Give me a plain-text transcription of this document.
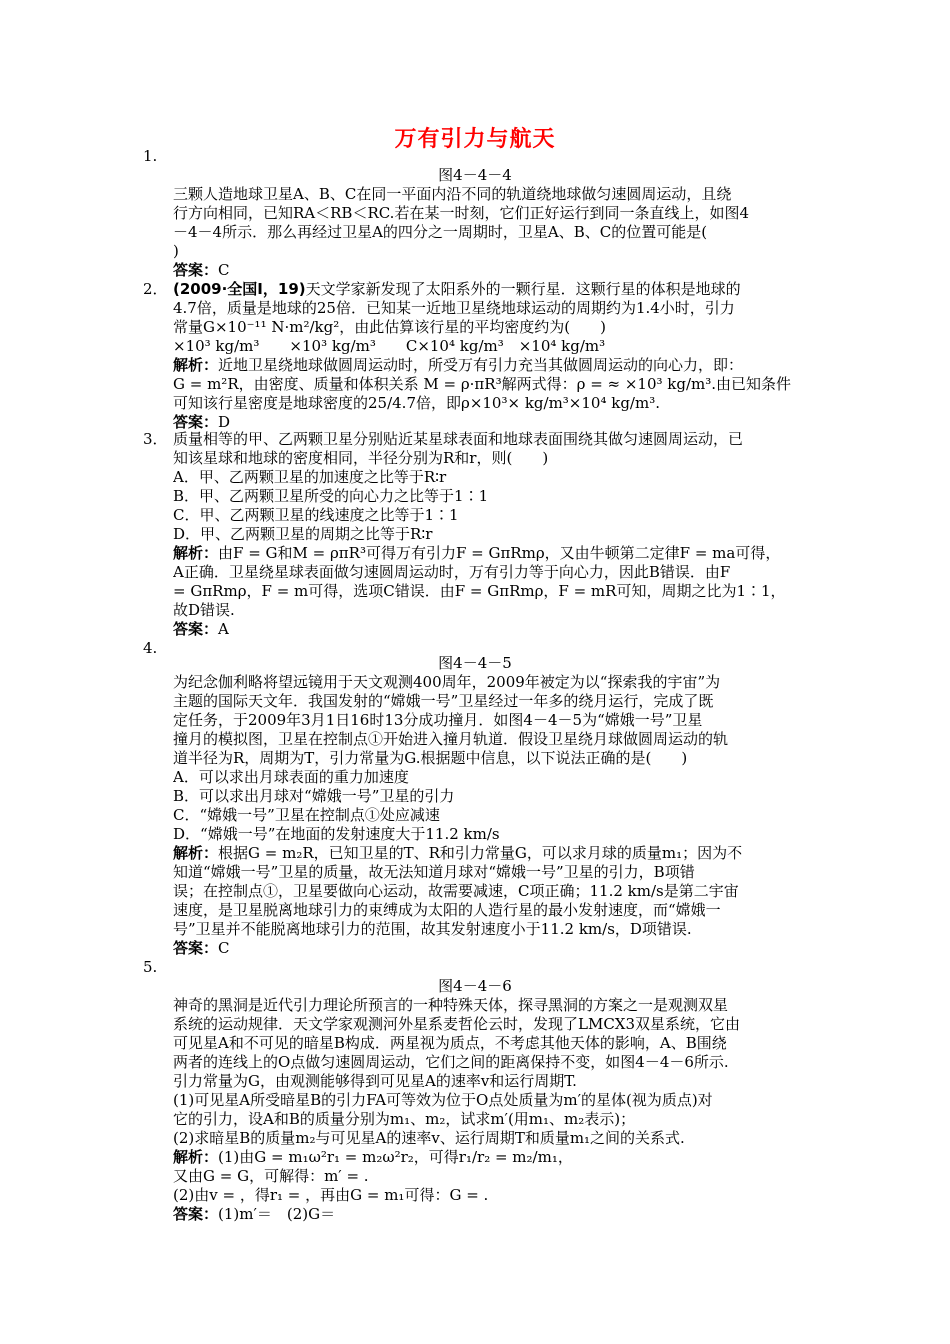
万有引力与航天
1.
图4－4－4
三颗人造地球卫星A、B、C在同一平面内沿不同的轨道绕地球做匀速圆周运动，且绕
行方向相同，已知RA＜RB＜RC.若在某一时刻，它们正好运行到同一条直线上，如图4
－4－4所示．那么再经过卫星A的四分之一周期时，卫星A、B、C的位置可能是(
)
答案：C
2． (2009·全国Ⅰ，19)天文学家新发现了太阳系外的一颗行星．这颗行星的体积是地球的
4.7倍，质量是地球的25倍．已知某一近地卫星绕地球运动的周期约为1.4小时，引力
常量G×10⁻¹¹ N·m²/kg²，由此估算该行星的平均密度约为(　　)
×10³ kg/m³　　×10³ kg/m³　　C×10⁴ kg/m³　×10⁴ kg/m³
解析：近地卫星绕地球做圆周运动时，所受万有引力充当其做圆周运动的向心力，即：
G = m²R，由密度、质量和体积关系 M = ρ·πR³解两式得：ρ = ≈ ×10³ kg/m³.由已知条件
可知该行星密度是地球密度的25/4.7倍，即ρ×10³× kg/m³×10⁴ kg/m³.
答案：D
3． 质量相等的甲、乙两颗卫星分别贴近某星球表面和地球表面围绕其做匀速圆周运动，已
知该星球和地球的密度相同，半径分别为R和r，则(　　)
A．甲、乙两颗卫星的加速度之比等于R∶r
B．甲、乙两颗卫星所受的向心力之比等于1∶1
C．甲、乙两颗卫星的线速度之比等于1∶1
D．甲、乙两颗卫星的周期之比等于R∶r
解析：由F = G和M = ρπR³可得万有引力F = GπRmρ，又由牛顿第二定律F = ma可得，
A正确．卫星绕星球表面做匀速圆周运动时，万有引力等于向心力，因此B错误．由F
= GπRmρ，F = m可得，选项C错误．由F = GπRmρ，F = mR可知，周期之比为1∶1，
故D错误.
答案：A
4.
图4－4－5
为纪念伽利略将望远镜用于天文观测400周年，2009年被定为以“探索我的宇宙”为
主题的国际天文年．我国发射的“嫦娥一号”卫星经过一年多的绕月运行，完成了既
定任务，于2009年3月1日16时13分成功撞月．如图4－4－5为“嫦娥一号”卫星
撞月的模拟图，卫星在控制点①开始进入撞月轨道．假设卫星绕月球做圆周运动的轨
道半径为R，周期为T，引力常量为G.根据题中信息，以下说法正确的是(　　)
A．可以求出月球表面的重力加速度
B．可以求出月球对“嫦娥一号”卫星的引力
C．“嫦娥一号”卫星在控制点①处应减速
D．“嫦娥一号”在地面的发射速度大于11.2 km/s
解析：根据G = m₂R，已知卫星的T、R和引力常量G，可以求月球的质量m₁；因为不
知道“嫦娥一号”卫星的质量，故无法知道月球对“嫦娥一号”卫星的引力，B项错
误；在控制点①，卫星要做向心运动，故需要减速，C项正确；11.2 km/s是第二宇宙
速度，是卫星脱离地球引力的束缚成为太阳的人造行星的最小发射速度，而“嫦娥一
号”卫星并不能脱离地球引力的范围，故其发射速度小于11.2 km/s，D项错误.
答案：C
5.
图4－4－6
神奇的黑洞是近代引力理论所预言的一种特殊天体，探寻黑洞的方案之一是观测双星
系统的运动规律．天文学家观测河外星系麦哲伦云时，发现了LMCX3双星系统，它由
可见星A和不可见的暗星B构成．两星视为质点，不考虑其他天体的影响，A、B围绕
两者的连线上的O点做匀速圆周运动，它们之间的距离保持不变，如图4－4－6所示.
引力常量为G，由观测能够得到可见星A的速率v和运行周期T.
(1)可见星A所受暗星B的引力FA可等效为位于O点处质量为m′的星体(视为质点)对
它的引力，设A和B的质量分别为m₁、m₂，试求m′(用m₁、m₂表示)；
(2)求暗星B的质量m₂与可见星A的速率v、运行周期T和质量m₁之间的关系式.
解析：(1)由G = m₁ω²r₁ = m₂ω²r₂，可得r₁/r₂ = m₂/m₁，
又由G = G，可解得：m′ = .
(2)由v = ，得r₁ = ，再由G = m₁可得：G = .
答案：(1)m′＝　(2)G＝
